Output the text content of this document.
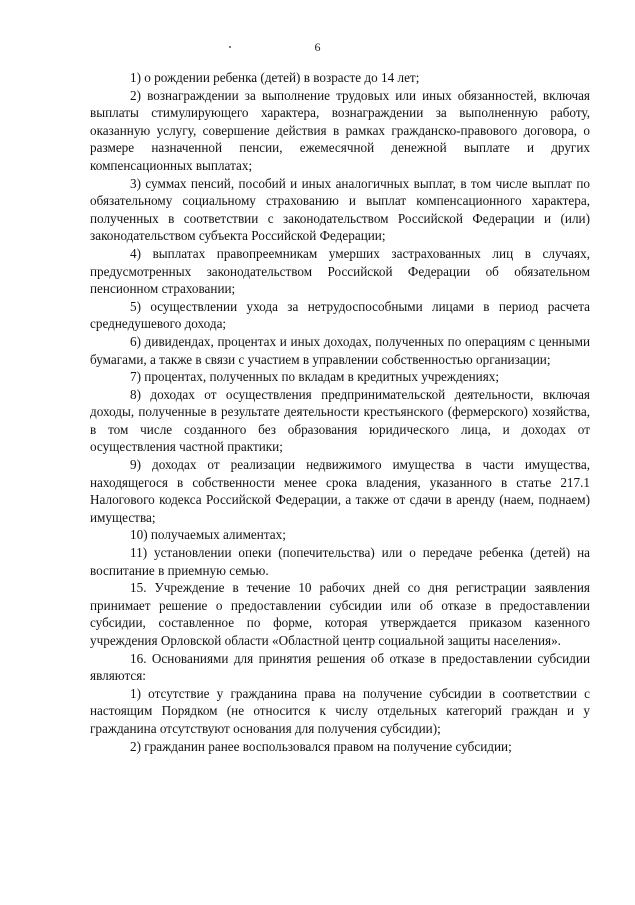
6

1) о рождении ребенка (детей) в возрасте до 14 лет;

2) вознаграждении за выполнение трудовых или иных обязанностей, включая выплаты стимулирующего характера, вознаграждении за выполненную работу, оказанную услугу, совершение действия в рамках гражданско-правового договора, о размере назначенной пенсии, ежемесячной денежной выплате и других компенсационных выплатах;

3) суммах пенсий, пособий и иных аналогичных выплат, в том числе выплат по обязательному социальному страхованию и выплат компенсационного характера, полученных в соответствии с законодательством Российской Федерации и (или) законодательством субъекта Российской Федерации;

4) выплатах правопреемникам умерших застрахованных лиц в случаях, предусмотренных законодательством Российской Федерации об обязательном пенсионном страховании;

5) осуществлении ухода за нетрудоспособными лицами в период расчета среднедушевого дохода;

6) дивидендах, процентах и иных доходах, полученных по операциям с ценными бумагами, а также в связи с участием в управлении собственностью организации;

7) процентах, полученных по вкладам в кредитных учреждениях;

8) доходах от осуществления предпринимательской деятельности, включая доходы, полученные в результате деятельности крестьянского (фермерского) хозяйства, в том числе созданного без образования юридического лица, и доходах от осуществления частной практики;

9) доходах от реализации недвижимого имущества в части имущества, находящегося в собственности менее срока владения, указанного в статье 217.1 Налогового кодекса Российской Федерации, а также от сдачи в аренду (наем, поднаем) имущества;

10) получаемых алиментах;

11) установлении опеки (попечительства) или о передаче ребенка (детей) на воспитание в приемную семью.

15. Учреждение в течение 10 рабочих дней со дня регистрации заявления принимает решение о предоставлении субсидии или об отказе в предоставлении субсидии, составленное по форме, которая утверждается приказом казенного учреждения Орловской области «Областной центр социальной защиты населения».

16. Основаниями для принятия решения об отказе в предоставлении субсидии являются:

1) отсутствие у гражданина права на получение субсидии в соответствии с настоящим Порядком (не относится к числу отдельных категорий граждан и у гражданина отсутствуют основания для получения субсидии);

2) гражданин ранее воспользовался правом на получение субсидии;
